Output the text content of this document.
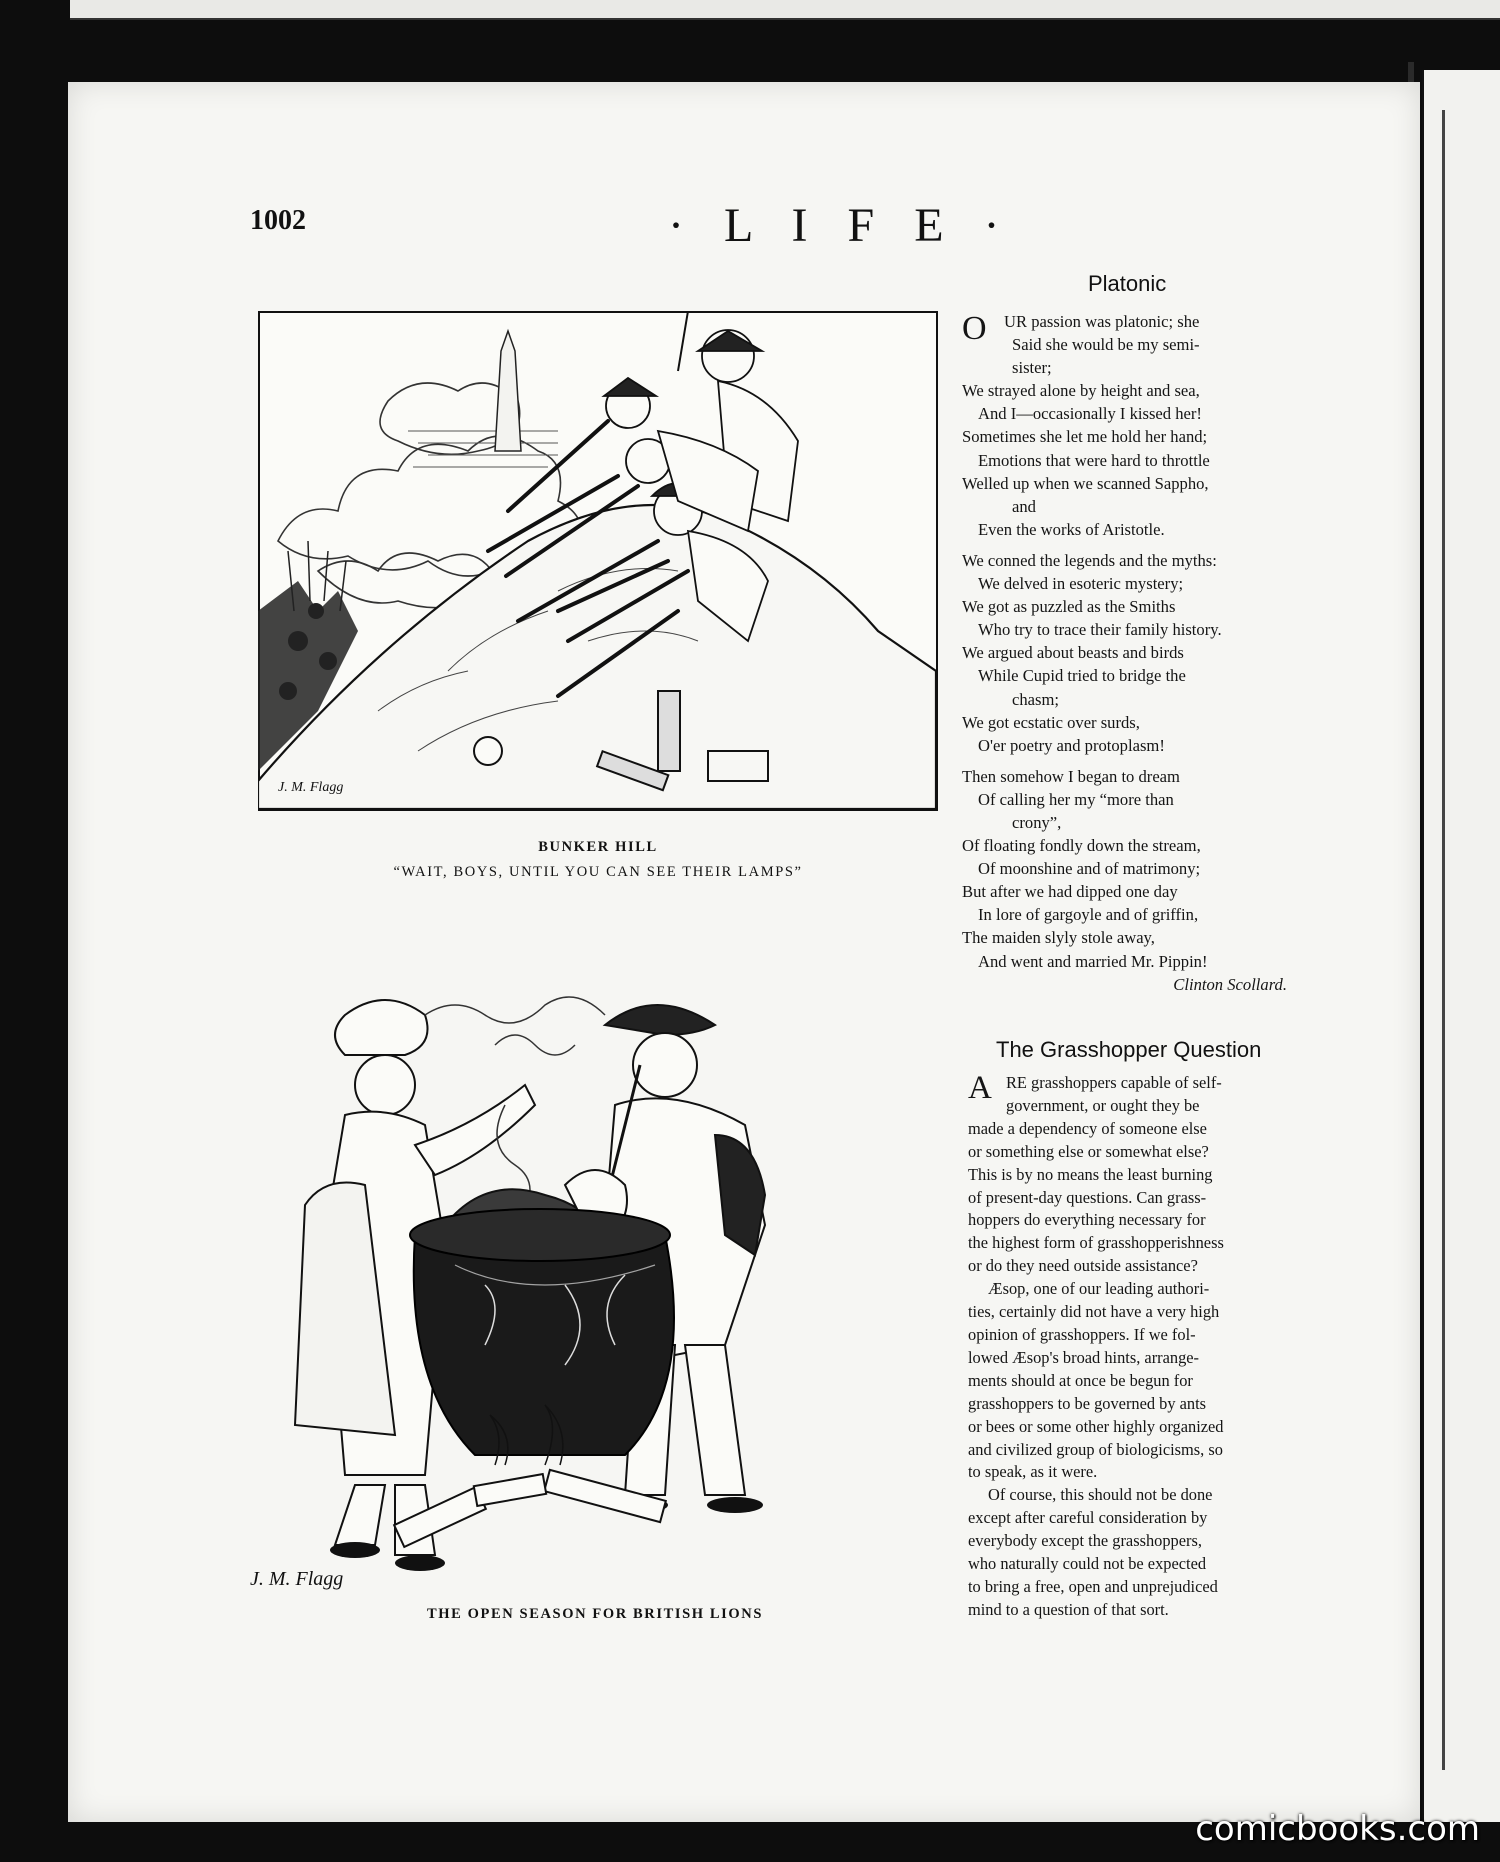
1002	· L I F E ·
J. M. Flagg
BUNKER HILL
“WAIT, BOYS, UNTIL YOU CAN SEE THEIR LAMPS”
J. M. Flagg
THE OPEN SEASON FOR BRITISH LIONS
Platonic
O	UR passion was platonic; she
Said she would be my semi-
sister;
We strayed alone by height and sea,
And I—occasionally I kissed her!
Sometimes she let me hold her hand;
Emotions that were hard to throttle
Welled up when we scanned Sappho,
and
Even the works of Aristotle.
We conned the legends and the myths:
We delved in esoteric mystery;
We got as puzzled as the Smiths
Who try to trace their family history.
We argued about beasts and birds
While Cupid tried to bridge the
chasm;
We got ecstatic over surds,
O'er poetry and protoplasm!
Then somehow I began to dream
Of calling her my “more than
crony”,
Of floating fondly down the stream,
Of moonshine and of matrimony;
But after we had dipped one day
In lore of gargoyle and of griffin,
The maiden slyly stole away,
And went and married Mr. Pippin!
Clinton Scollard.
The Grasshopper Question
A RE grasshoppers capable of self-
government, or ought they be
made a dependency of someone else
or something else or somewhat else?
This is by no means the least burning
of present-day questions. Can grass-
hoppers do everything necessary for
the highest form of grasshopperishness
or do they need outside assistance?
Æsop, one of our leading authori-
ties, certainly did not have a very high
opinion of grasshoppers. If we fol-
lowed Æsop's broad hints, arrange-
ments should at once be begun for
grasshoppers to be governed by ants
or bees or some other highly organized
and civilized group of biologicisms, so
to speak, as it were.
Of course, this should not be done
except after careful consideration by
everybody except the grasshoppers,
who naturally could not be expected
to bring a free, open and unprejudiced
mind to a question of that sort.
comicbooks.com
